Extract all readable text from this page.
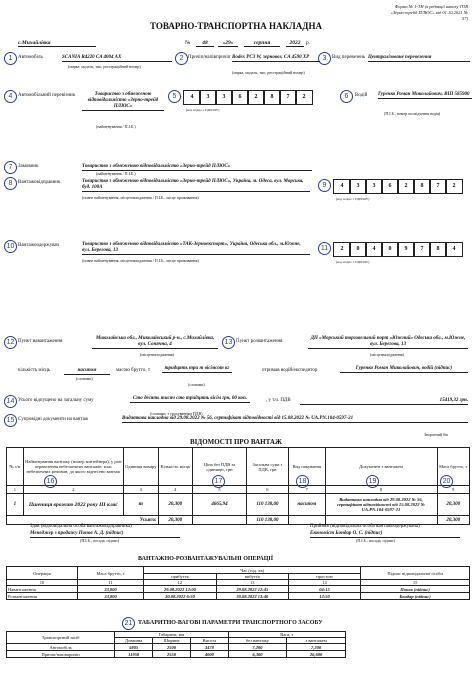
Форма № 1-ТН (в редакції наказу ТОВ
«Зерно-трейд ПЛЮС» від 01.10.2021 №
57)
ТОВАРНО-ТРАНСПОРТНА НАКЛАДНА
с.Михайлівка	№	48	«29»	серпня	2022	р.
1	2	3
Автомобіль	SCANIA R4220 CA 4004 AX
(марка, модель, тип, реєстраційний номер)
Причіп/напівпричіп Bodex PC3 W, зерновоз, CA 4590 XP
(марка, модель, тип, реєстраційний номер)
Вид перевезень Централізоване перевезення
4	Автомобільний перевізник	Товариство з обмеженою відповідальністю «Зерно-трейд ПЛЮС»
(найменування / П.І.Б.)
5	4	3	3	6	2	8	7	2
(код згідно з ЄДРПОУ)
6	Водій Гуренко Роман Миколайович, ВІП 585900
(П.І.Б., номер посвідчення водія)
7	Замовник	Товариство з обмеженою відповідальністю «Зерно-трейд ПЛЮС»
(найменування / П.І.Б.)
8	Вантажовідправник	Товариство з обмеженою відповідальністю «Зерно-трейд ПЛЮС», Україна, м. Одеса, вул. Морська, буд. 100А
(повне найменування, місцезнаходження / П.І.Б., місце проживання)
9	4	3	3	6	2	8	7	2
(код згідно з ЄДРПОУ)
10 Вантажоодержувач	Товариство з обмеженою відповідальністю «ТАК-Зерноекспорт», Україна, Одеська обл., м.Южне, вул. Берегова, 13
(повне найменування, місцезнаходження / П.І.Б., місце проживання)
11	2	0	4	0	9	7	8	4
(код згідно з ЄДРПОУ)
12 Пункт навантаження
Миколаївська обл., Миколаївський р-н., с.Михайлівка, вул. Сонячна, 4
(місцезнаходження)
13 Пункт розвантаження
ДП «Морський торговельний порт «Южний» Одеська обл., м.Южне, вул. Берегова, 13
(місцезнаходження)
кількість місць	насипом
(словами)
масою брутто, т	тридцять три т вісімсот кг
(словами)
отримав водій/експедитор	Гуренко Роман Миколайович, водій (підпис)
14 Усього відпущено на загальну суму	Сто десять тисяч сто тридцять вісім грн, 00 коп.
(словами, з урахуванням ПДВ)
, у т.ч. ПДВ	15419,32 грн.
15 Супровідні документи на вантаж	Видаткова накладна від 29.08.2022 № 56, сертифікат відповідності від 15.08.2022 № UA.PN.104-0597-21
Зворотний бік
ВІДОМОСТІ ПРО ВАНТАЖ
№ з/п	Найменування вантажу (номер контейнера), у разі перевезення небезпечних вантажів: клас небезпечних речовин, до якого віднесено вантаж	Одиниця виміру	Кількість місць	Ціна без ПДВ за одиницю, грн	Загальна сума з ПДВ, грн	Вид пакування	Документи з вантажем	Маса брутто, т
1	2	3	4	5	6	7	8	9
1	Пшениця врожаю 2022 року ІІІ клас	т	20,300	4665,94	110 138,00	насипом	Видаткова накладна від 29.08.2022 № 56, сертифікат відповідності від 15.08.2022 № UA.PN.104-0597-21	20,300
Усього:			20,300		110 138,00			20,300
16	17	18	19	20
Здав (відповідальна особа вантажовідправника)
Менеджер з продажу Попов А. Д. (підпис)
(П.І.Б., посада, підпис)
Прийняв (відповідальна особа вантажоодержувача)
Економіст Бондар О. С. (підпис)
(П.І.Б., посада, підпис)
ВАНТАЖНО-РОЗВАНТАЖУВАЛЬНІ ОПЕРАЦІЇ
Операція	Маса брутто, т	Час (год. хв)			Підпис відповідальної особи
		прибуття	вибуття	простою	
10	11	12	13	14	15
Навантаження	33,800	29.08.2022 12:00	29.08.2022 12:45	04:15	Попов (підпис)
Розвантаження	33,800	30.08.2022 6:50	30.08.2022 13:40	12:50	Бондар (підпис)
21 ТАБАРИТНО-ВАГОВІ ПАРАМЕТРИ ТРАНСПОРТНОГО ЗАСОБУ
Транспортний засіб	Габарити, мм			Вага, т	
	Довжина	Ширина	Висота	без вантажу	з вантажем
Автомобіль	5805	2500	3478	7,200	7,200
Причіп/напівпричіп	11950	2550	4000	6,300	26,600
